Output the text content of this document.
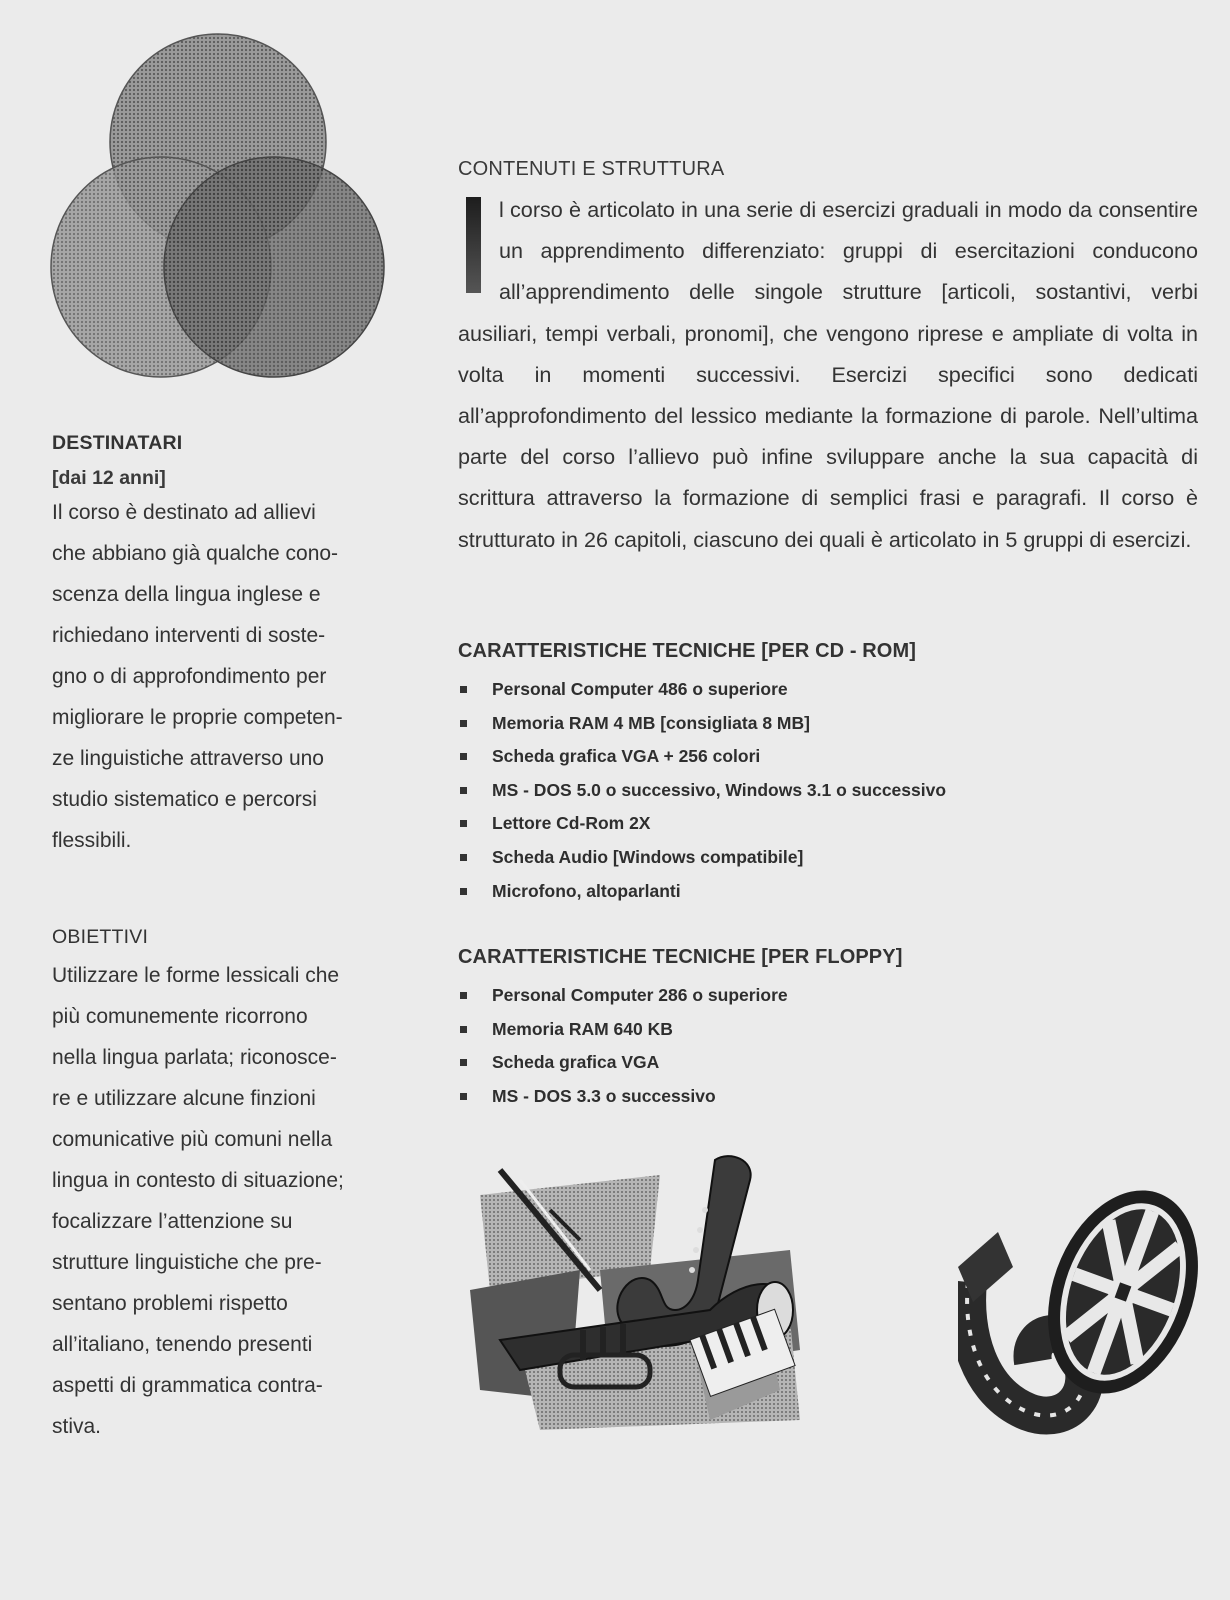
DESTINATARI
[dai 12 anni]
Il corso è destinato ad allievi
che abbiano già qualche cono-
scenza della lingua inglese e
richiedano interventi di soste-
gno o di approfondimento per
migliorare le proprie competen-
ze linguistiche attraverso uno
studio sistematico e percorsi
flessibili.
OBIETTIVI
Utilizzare le forme lessicali che
più comunemente ricorrono
nella lingua parlata; riconosce-
re e utilizzare alcune finzioni
comunicative più comuni nella
lingua in contesto di situazione;
focalizzare l’attenzione su
strutture linguistiche che pre-
sentano problemi rispetto
all’italiano, tenendo presenti
aspetti di grammatica contra-
stiva.
CONTENUTI E STRUTTURA
l corso è articolato in una serie di esercizi graduali in modo da consentire un apprendimento differenziato: gruppi di esercitazioni conducono all’apprendimento delle singole strutture [articoli, sostantivi, verbi ausiliari, tempi verbali, pronomi], che vengono riprese e ampliate di volta in volta in momenti successivi. Esercizi specifici sono dedicati all’approfondimento del lessico mediante la formazione di parole. Nell’ultima parte del corso l’allievo può infine sviluppare anche la sua capacità di scrittura attraverso la formazione di semplici frasi e paragrafi. Il corso è strutturato in 26 capitoli, ciascuno dei quali è articolato in 5 gruppi di esercizi.
CARATTERISTICHE TECNICHE [PER CD - ROM]
Personal Computer 486 o superiore
Memoria RAM 4 MB [consigliata 8 MB]
Scheda grafica VGA + 256 colori
MS - DOS 5.0 o successivo, Windows 3.1 o successivo
Lettore Cd-Rom 2X
Scheda Audio [Windows compatibile]
Microfono, altoparlanti
CARATTERISTICHE TECNICHE [PER FLOPPY]
Personal Computer 286 o superiore
Memoria RAM 640 KB
Scheda grafica VGA
MS - DOS 3.3 o successivo
